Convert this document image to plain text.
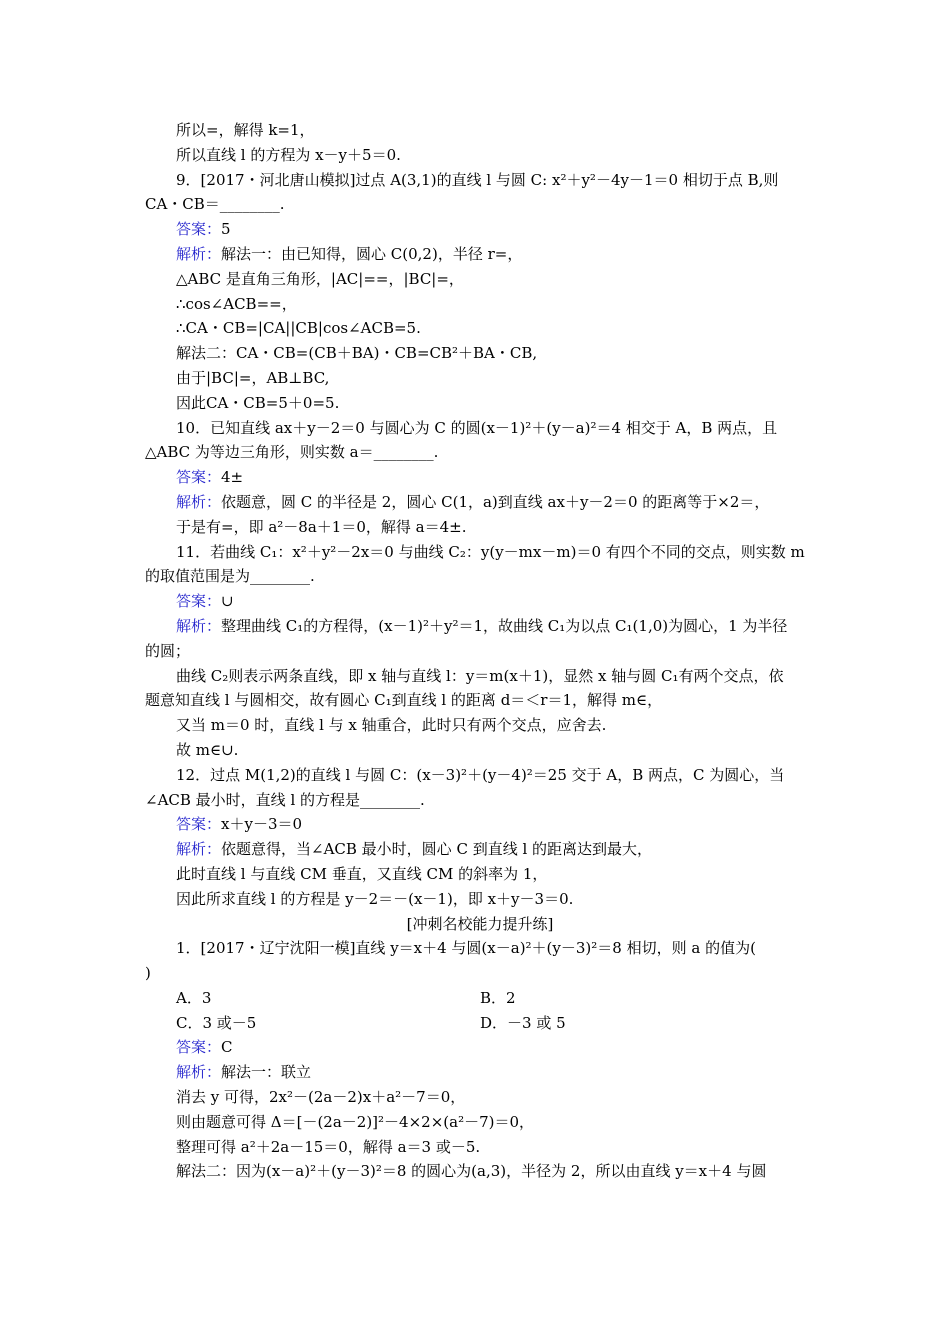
所以=，解得 k=1，
所以直线 l 的方程为 x－y＋5＝0.
9．[2017・河北唐山模拟]过点 A(3,1)的直线 l 与圆 C: x²＋y²－4y－1＝0 相切于点 B,则
CA・CB＝________.
答案：5
解析：解法一：由已知得，圆心 C(0,2)，半径 r=，
△ABC 是直角三角形，|AC|==，|BC|=，
∴cos∠ACB==，
∴CA・CB=|CA||CB|cos∠ACB=5.
解法二：CA・CB=(CB＋BA)・CB=CB²＋BA・CB,
由于|BC|=，AB⊥BC,
因此CA・CB=5＋0=5.
10．已知直线 ax＋y－2＝0 与圆心为 C 的圆(x－1)²＋(y－a)²＝4 相交于 A，B 两点，且
△ABC 为等边三角形，则实数 a＝________.
答案：4±
解析：依题意，圆 C 的半径是 2，圆心 C(1，a)到直线 ax＋y－2＝0 的距离等于×2＝，
于是有=，即 a²－8a＋1＝0，解得 a＝4±.
11．若曲线 C₁：x²＋y²－2x＝0 与曲线 C₂：y(y－mx－m)＝0 有四个不同的交点，则实数 m
的取值范围是为________.
答案：∪
解析：整理曲线 C₁的方程得，(x－1)²＋y²＝1，故曲线 C₁为以点 C₁(1,0)为圆心，1 为半径
的圆；
曲线 C₂则表示两条直线，即 x 轴与直线 l：y＝m(x＋1)，显然 x 轴与圆 C₁有两个交点，依
题意知直线 l 与圆相交，故有圆心 C₁到直线 l 的距离 d＝＜r＝1，解得 m∈，
又当 m＝0 时，直线 l 与 x 轴重合，此时只有两个交点，应舍去.
故 m∈∪.
12．过点 M(1,2)的直线 l 与圆 C：(x－3)²＋(y－4)²＝25 交于 A，B 两点，C 为圆心，当
∠ACB 最小时，直线 l 的方程是________.
答案：x＋y－3＝0
解析：依题意得，当∠ACB 最小时，圆心 C 到直线 l 的距离达到最大，
此时直线 l 与直线 CM 垂直，又直线 CM 的斜率为 1，
因此所求直线 l 的方程是 y－2＝－(x－1)，即 x＋y－3＝0.
[冲刺名校能力提升练]
1．[2017・辽宁沈阳一模]直线 y＝x＋4 与圆(x－a)²＋(y－3)²＝8 相切，则 a 的值为(
)
A．3	B．2
C．3 或－5	D．－3 或 5
答案：C
解析：解法一：联立
消去 y 可得，2x²－(2a－2)x＋a²－7＝0，
则由题意可得 Δ＝[－(2a－2)]²－4×2×(a²－7)＝0，
整理可得 a²＋2a－15＝0，解得 a＝3 或－5.
解法二：因为(x－a)²＋(y－3)²＝8 的圆心为(a,3)，半径为 2，所以由直线 y＝x＋4 与圆
